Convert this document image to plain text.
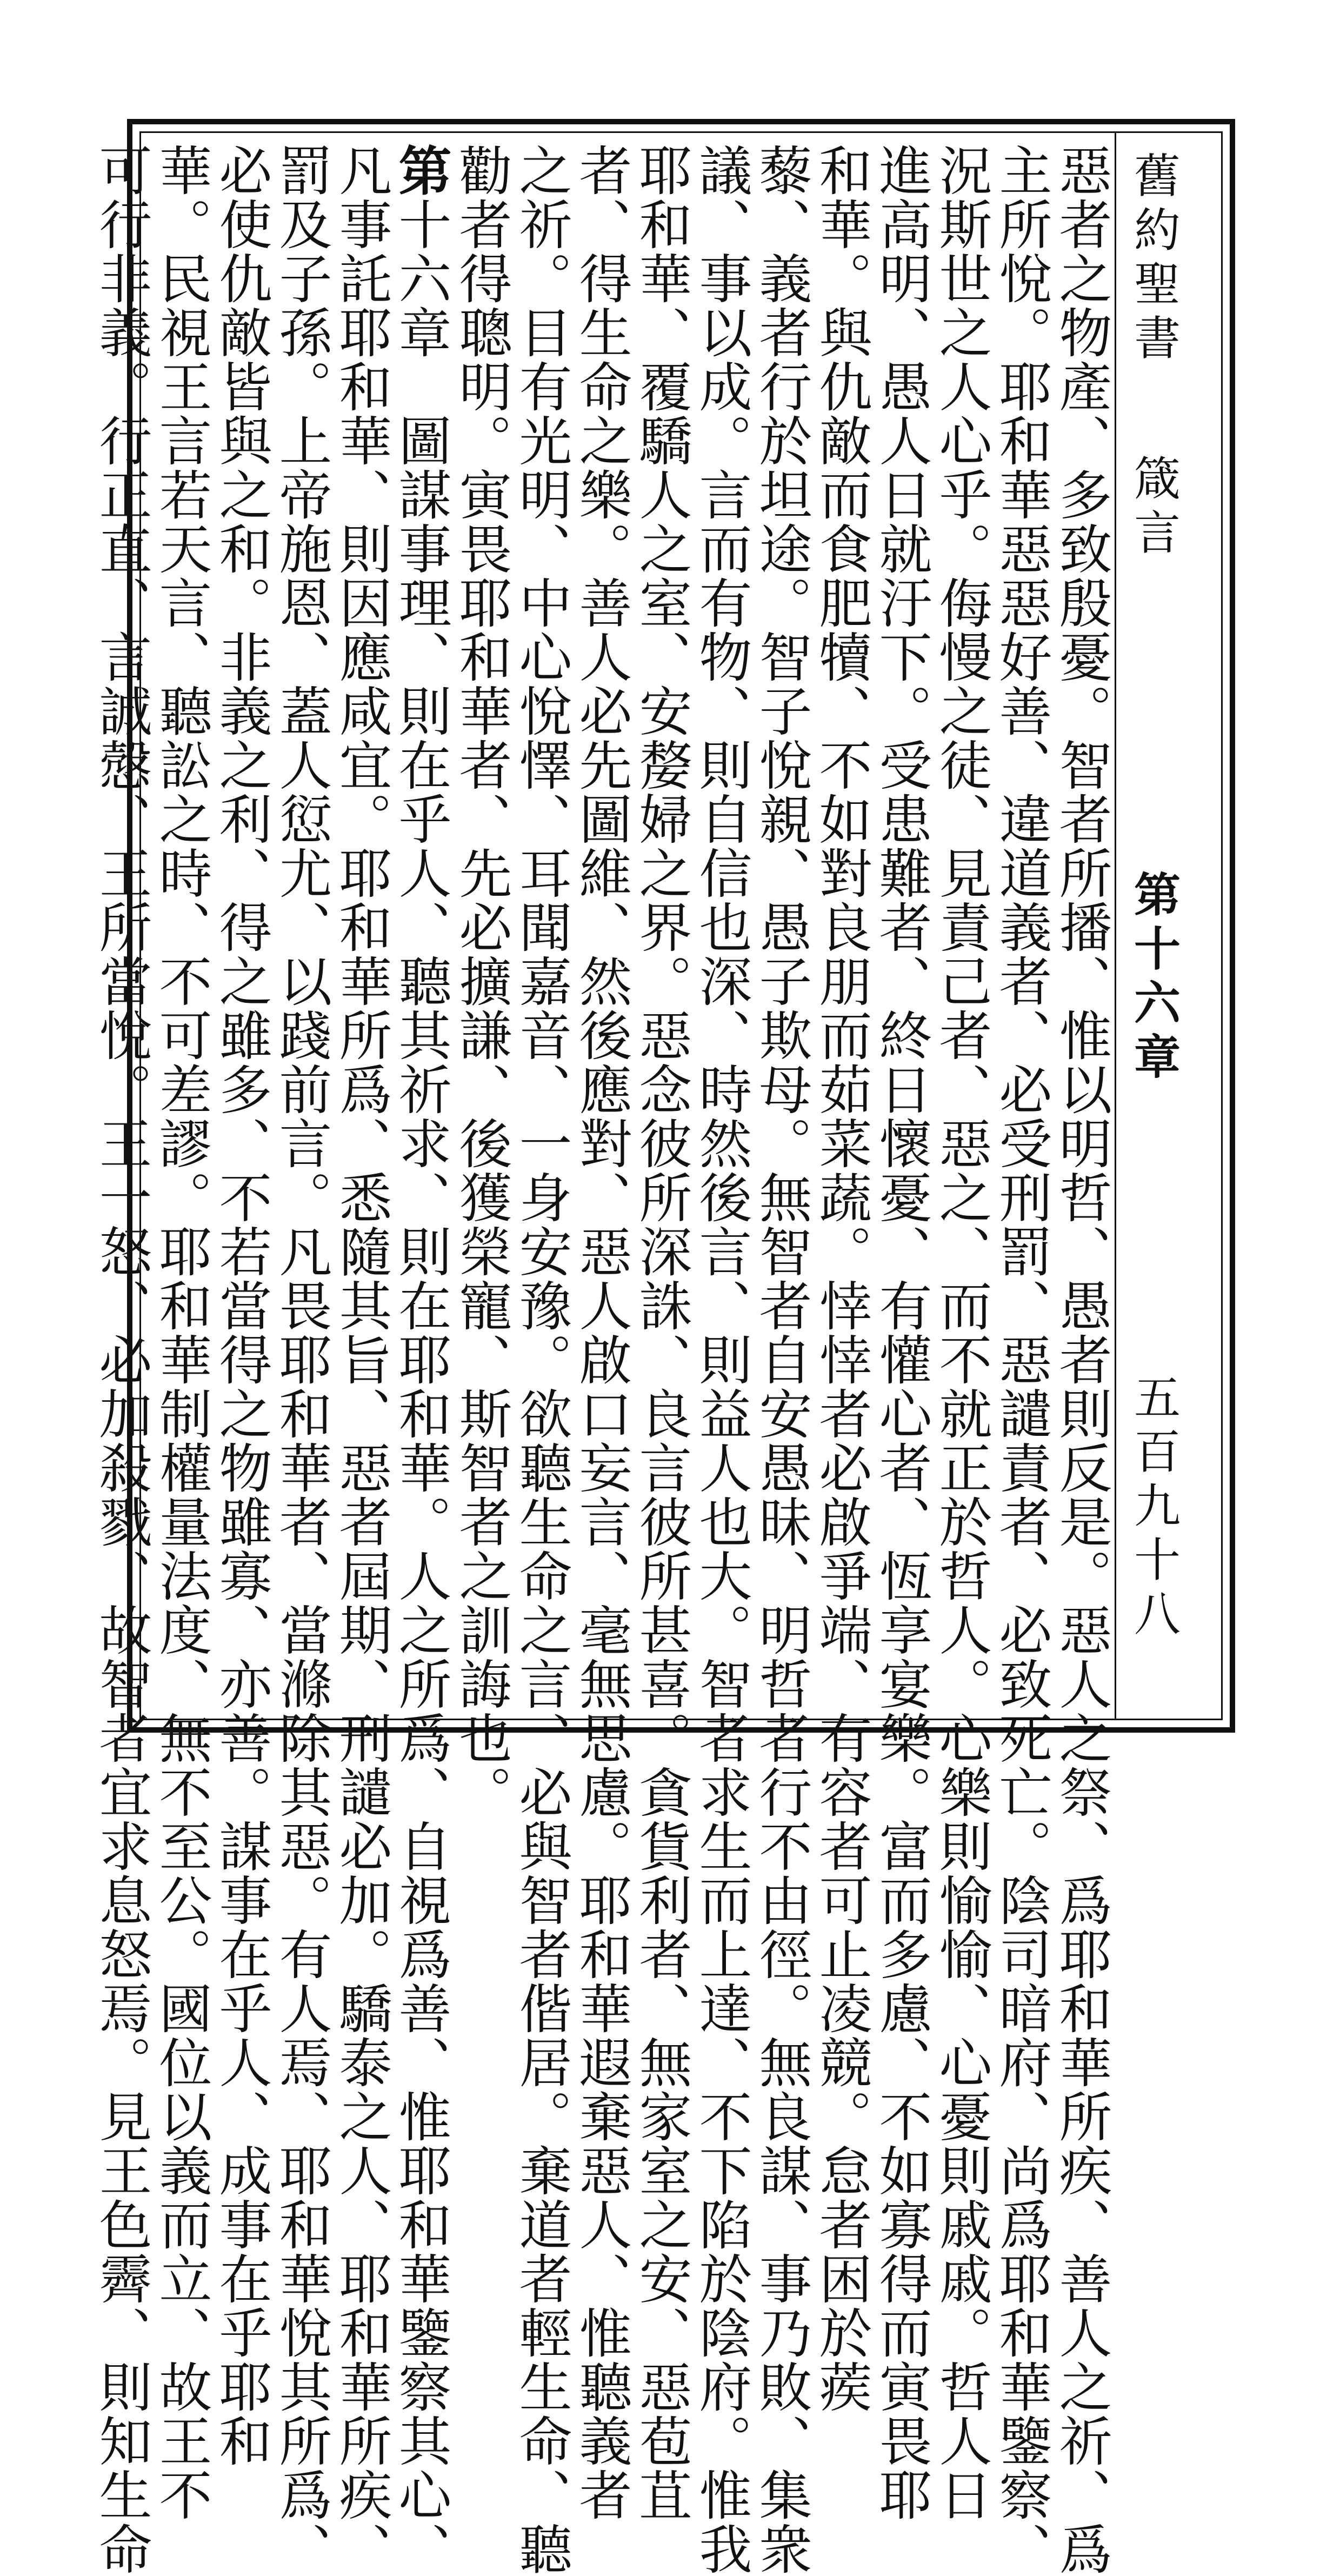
舊約聖書
箴言
第十六章
五百九十八
惡者之物產、多致殷憂。智者所播、惟以明哲、愚者則反是。惡人之祭、爲耶和華所疾、善人之祈、爲
主所悅。耶和華惡惡好善、違道義者、必受刑罰、惡譴責者、必致死亡。陰司暗府、尚爲耶和華鑒察、
況斯世之人心乎。侮慢之徒、見責己者、惡之、而不就正於哲人。心樂則愉愉、心憂則戚戚。哲人日
進高明、愚人日就汙下。受患難者、終日懷憂、有懽心者、恆享宴樂。富而多慮、不如寡得而寅畏耶
和華。與仇敵而食肥犢、不如對良朋而茹菜蔬。悻悻者必啟爭端、有容者可止凌競。怠者困於蒺
藜、義者行於坦途。智子悅親、愚子欺母。無智者自安愚昧、明哲者行不由徑。無良謀、事乃敗、集衆
議、事以成。言而有物、則自信也深、時然後言、則益人也大。智者求生而上達、不下陷於陰府。惟我
耶和華、覆驕人之室、安嫠婦之界。惡念彼所深誅、良言彼所甚喜。貪貨利者、無家室之安、惡苞苴
者、得生命之樂。善人必先圖維、然後應對、惡人啟口妄言、毫無思慮。耶和華遐棄惡人、惟聽義者
之祈。目有光明、中心悅懌、耳聞嘉音、一身安豫。欲聽生命之言、必與智者偕居。棄道者輕生命、聽
勸者得聰明。寅畏耶和華者、先必擴謙、後獲榮寵、斯智者之訓誨也。
第十六章　圖謀事理、則在乎人、聽其祈求、則在耶和華。人之所爲、自視爲善、惟耶和華鑒察其心、
凡事託耶和華、則因應咸宜。耶和華所爲、悉隨其旨、惡者屆期、刑譴必加。驕泰之人、耶和華所疾、
罰及子孫。上帝施恩、蓋人愆尤、以踐前言。凡畏耶和華者、當滌除其惡。有人焉、耶和華悅其所爲、
必使仇敵皆與之和。非義之利、得之雖多、不若當得之物雖寡、亦善。謀事在乎人、成事在乎耶和
華。民視王言若天言、聽訟之時、不可差謬。耶和華制權量法度、無不至公。國位以義而立、故王不
可行非義。行正直、言誠慤、王所當悅。王一怒、必加殺戮、故智者宜求息怒焉。見王色霽、則知生命
